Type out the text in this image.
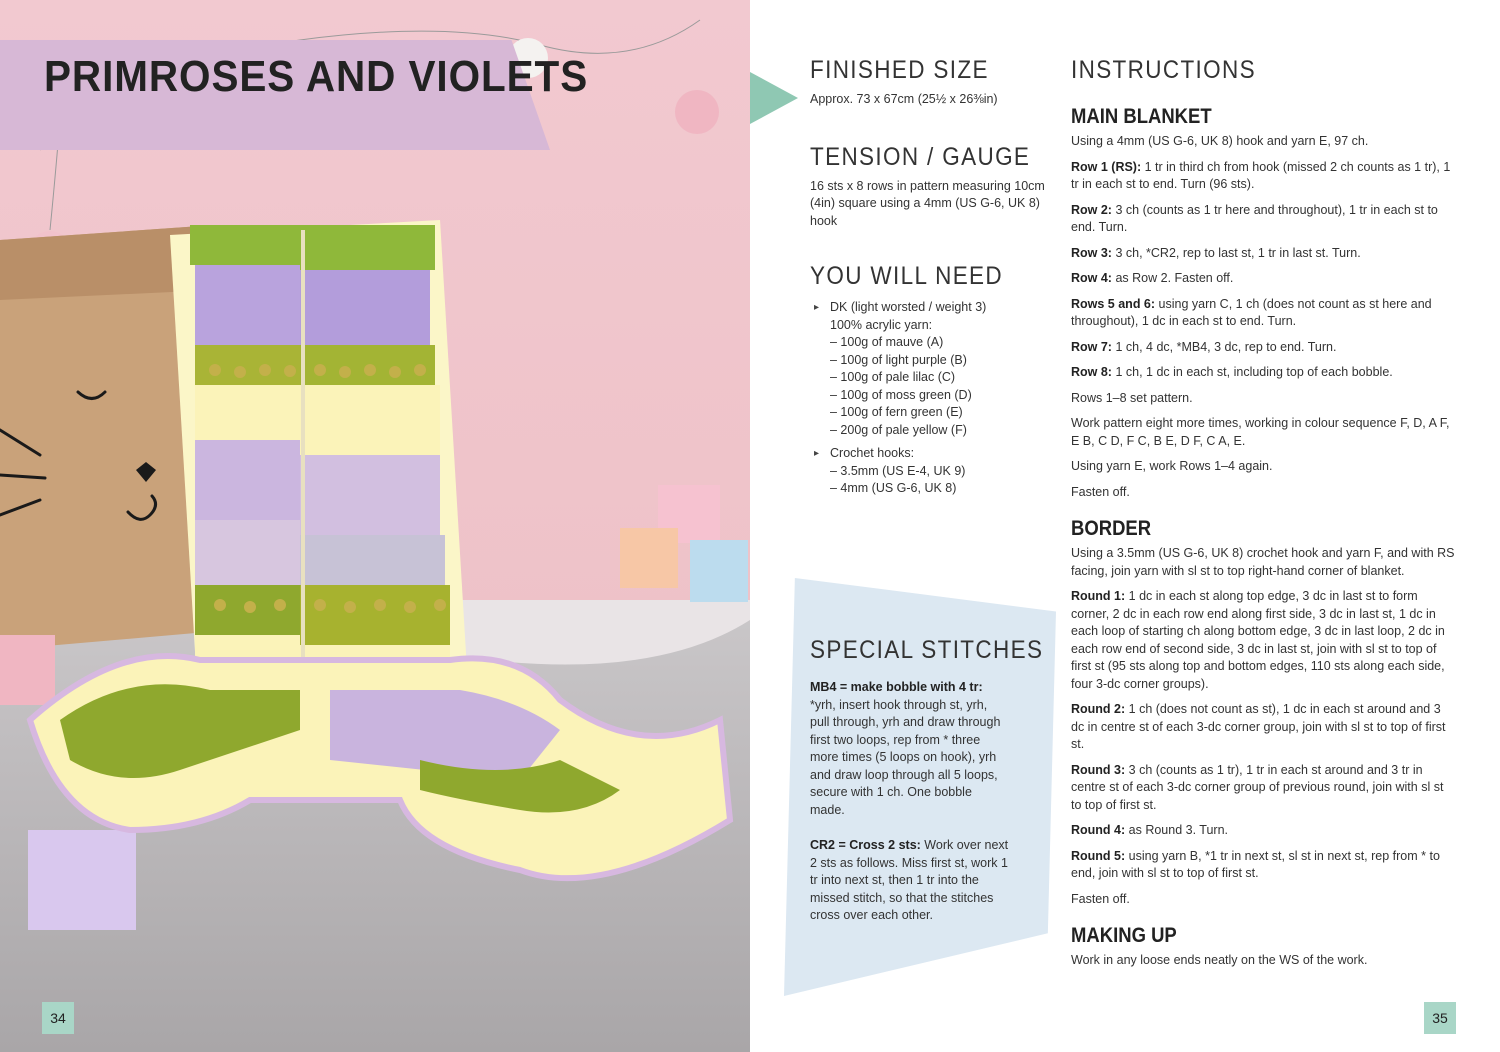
PRIMROSES AND VIOLETS
34
FINISHED SIZE

Approx. 73 x 67cm (25½ x 26⅜in)

TENSION / GAUGE

16 sts x 8 rows in pattern measuring 10cm (4in) square using a 4mm (US G-6, UK 8) hook

YOU WILL NEED
▸ DK (light worsted / weight 3)
100% acrylic yarn:
– 100g of mauve (A)
– 100g of light purple (B)
– 100g of pale lilac (C)
– 100g of moss green (D)
– 100g of fern green (E)
– 200g of pale yellow (F)
▸ Crochet hooks:
– 3.5mm (US E-4, UK 9)
– 4mm (US G-6, UK 8)
SPECIAL STITCHES

MB4 = make bobble with 4 tr:
*yrh, insert hook through st, yrh, pull through, yrh and draw through first two loops, rep from * three more times (5 loops on hook), yrh and draw loop through all 5 loops, secure with 1 ch. One bobble made.

CR2 = Cross 2 sts: Work over next 2 sts as follows. Miss first st, work 1 tr into next st, then 1 tr into the missed stitch, so that the stitches cross over each other.

INSTRUCTIONS
MAIN BLANKET

Using a 4mm (US G-6, UK 8) hook and yarn E, 97 ch.

Row 1 (RS): 1 tr in third ch from hook (missed 2 ch counts as 1 tr), 1 tr in each st to end. Turn (96 sts).

Row 2: 3 ch (counts as 1 tr here and throughout), 1 tr in each st to end. Turn.

Row 3: 3 ch, *CR2, rep to last st, 1 tr in last st. Turn.

Row 4: as Row 2. Fasten off.

Rows 5 and 6: using yarn C, 1 ch (does not count as st here and throughout), 1 dc in each st to end. Turn.

Row 7: 1 ch, 4 dc, *MB4, 3 dc, rep to end. Turn.

Row 8: 1 ch, 1 dc in each st, including top of each bobble.

Rows 1–8 set pattern.

Work pattern eight more times, working in colour sequence F, D, A F, E B, C D, F C, B E, D F, C A, E.

Using yarn E, work Rows 1–4 again.

Fasten off.

BORDER

Using a 3.5mm (US G-6, UK 8) crochet hook and yarn F, and with RS facing, join yarn with sl st to top right-hand corner of blanket.

Round 1: 1 dc in each st along top edge, 3 dc in last st to form corner, 2 dc in each row end along first side, 3 dc in last st, 1 dc in each loop of starting ch along bottom edge, 3 dc in last loop, 2 dc in each row end of second side, 3 dc in last st, join with sl st to top of first st (95 sts along top and bottom edges, 110 sts along each side, four 3-dc corner groups).

Round 2: 1 ch (does not count as st), 1 dc in each st around and 3 dc in centre st of each 3-dc corner group, join with sl st to top of first st.

Round 3: 3 ch (counts as 1 tr), 1 tr in each st around and 3 tr in centre st of each 3-dc corner group of previous round, join with sl st to top of first st.

Round 4: as Round 3. Turn.

Round 5: using yarn B, *1 tr in next st, sl st in next st, rep from * to end, join with sl st to top of first st.

Fasten off.

MAKING UP

Work in any loose ends neatly on the WS of the work.

35
